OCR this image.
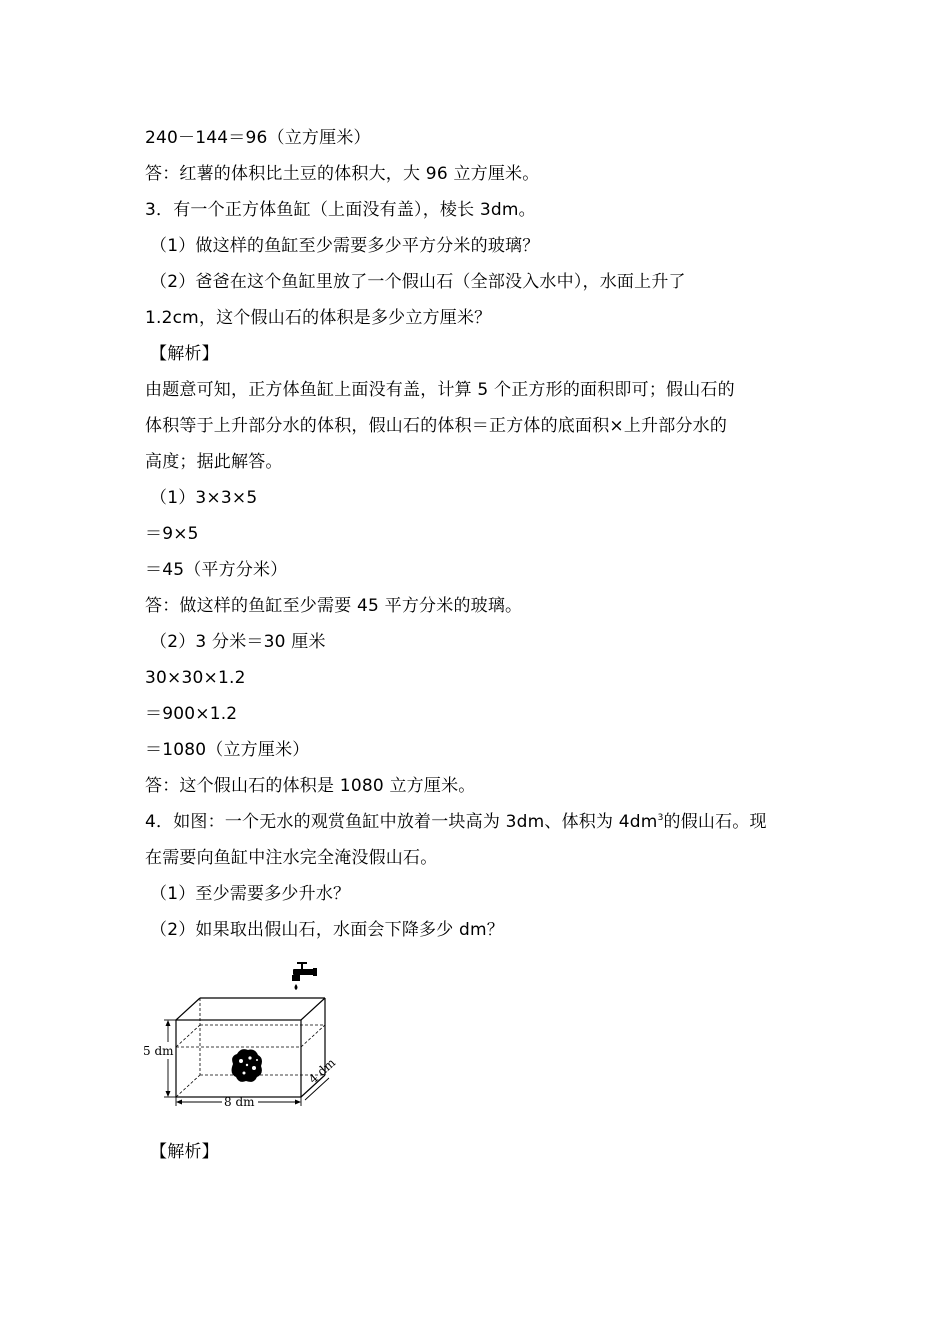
240－144＝96（立方厘米）
答：红薯的体积比土豆的体积大，大 96 立方厘米。
3．有一个正方体鱼缸（上面没有盖），棱长 3dm。
（1）做这样的鱼缸至少需要多少平方分米的玻璃？
（2）爸爸在这个鱼缸里放了一个假山石（全部没入水中），水面上升了
1.2cm，这个假山石的体积是多少立方厘米？
【解析】
由题意可知，正方体鱼缸上面没有盖，计算 5 个正方形的面积即可；假山石的
体积等于上升部分水的体积，假山石的体积＝正方体的底面积×上升部分水的
高度；据此解答。
（1）3×3×5
＝9×5
＝45（平方分米）
答：做这样的鱼缸至少需要 45 平方分米的玻璃。
（2）3 分米＝30 厘米
30×30×1.2
＝900×1.2
＝1080（立方厘米）
答：这个假山石的体积是 1080 立方厘米。
4．如图：一个无水的观赏鱼缸中放着一块高为 3dm、体积为 $4dm^3$的假山石。现
在需要向鱼缸中注水完全淹没假山石。
（1）至少需要多少升水？
（2）如果取出假山石，水面会下降多少 dm？
5 dm
8 dm
4 dm
【解析】
